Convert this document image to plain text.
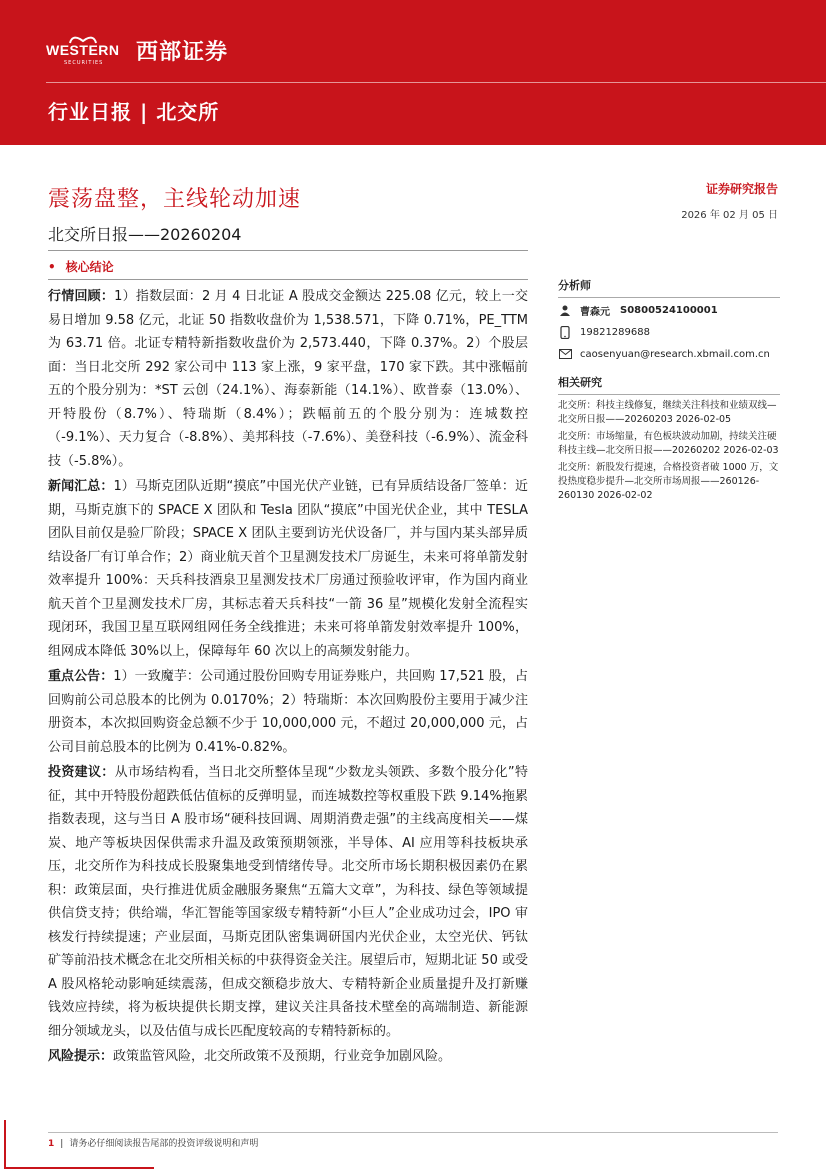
WESTERN
SECURITIES 西部证券
行业日报 | 北交所
震荡盘整，主线轮动加速
北交所日报——20260204
证券研究报告
2026 年 02 月 05 日
• 核心结论

行情回顾：1）指数层面：2 月 4 日北证 A 股成交金额达 225.08 亿元，较上一交易日增加 9.58 亿元，北证 50 指数收盘价为 1,538.571，下降 0.71%，PE_TTM 为 63.71 倍。北证专精特新指数收盘价为 2,573.440，下降 0.37%。2）个股层面：当日北交所 292 家公司中 113 家上涨，9 家平盘，170 家下跌。其中涨幅前五的个股分别为：*ST 云创（24.1%）、海泰新能（14.1%）、欧普泰（13.0%）、开特股份（8.7%）、特瑞斯（8.4%）；跌幅前五的个股分别为：连城数控（-9.1%）、天力复合（-8.8%）、美邦科技（-7.6%）、美登科技（-6.9%）、流金科技（-5.8%）。

新闻汇总：1）马斯克团队近期“摸底”中国光伏产业链，已有异质结设备厂签单：近期，马斯克旗下的 SPACE X 团队和 Tesla 团队“摸底”中国光伏企业，其中 TESLA 团队目前仅是验厂阶段；SPACE X 团队主要到访光伏设备厂，并与国内某头部异质结设备厂有订单合作；2）商业航天首个卫星测发技术厂房诞生，未来可将单箭发射效率提升 100%：天兵科技酒泉卫星测发技术厂房通过预验收评审，作为国内商业航天首个卫星测发技术厂房，其标志着天兵科技“一箭 36 星”规模化发射全流程实现闭环，我国卫星互联网组网任务全线推进；未来可将单箭发射效率提升 100%，组网成本降低 30%以上，保障每年 60 次以上的高频发射能力。

重点公告：1）一致魔芋：公司通过股份回购专用证券账户，共回购 17,521 股，占回购前公司总股本的比例为 0.0170%；2）特瑞斯：本次回购股份主要用于减少注册资本，本次拟回购资金总额不少于 10,000,000 元，不超过 20,000,000 元，占公司目前总股本的比例为 0.41%-0.82%。

投资建议：从市场结构看，当日北交所整体呈现“少数龙头领跌、多数个股分化”特征，其中开特股份超跌低估值标的反弹明显，而连城数控等权重股下跌 9.14%拖累指数表现，这与当日 A 股市场“硬科技回调、周期消费走强”的主线高度相关——煤炭、地产等板块因保供需求升温及政策预期领涨，半导体、AI 应用等科技板块承压，北交所作为科技成长股聚集地受到情绪传导。北交所市场长期积极因素仍在累积：政策层面，央行推进优质金融服务聚焦“五篇大文章”，为科技、绿色等领域提供信贷支持；供给端，华汇智能等国家级专精特新“小巨人”企业成功过会，IPO 审核发行持续提速；产业层面，马斯克团队密集调研国内光伏企业，太空光伏、钙钛矿等前沿技术概念在北交所相关标的中获得资金关注。展望后市，短期北证 50 或受 A 股风格轮动影响延续震荡，但成交额稳步放大、专精特新企业质量提升及打新赚钱效应持续，将为板块提供长期支撑，建议关注具备技术壁垒的高端制造、新能源细分领域龙头，以及估值与成长匹配度较高的专精特新标的。

风险提示：政策监管风险，北交所政策不及预期，行业竞争加剧风险。

分析师
曹森元 S0800524100001
19821289688
caosenyuan@research.xbmail.com.cn
相关研究
北交所：科技主线修复，继续关注科技和业绩双线—北交所日报——20260203 2026-02-05
北交所：市场缩量，有色板块波动加剧，持续关注硬科技主线—北交所日报——20260202 2026-02-03
北交所：新股发行提速，合格投资者破 1000 万，文投热度稳步提升—北交所市场周报——260126-260130 2026-02-02
1 | 请务必仔细阅读报告尾部的投资评级说明和声明
